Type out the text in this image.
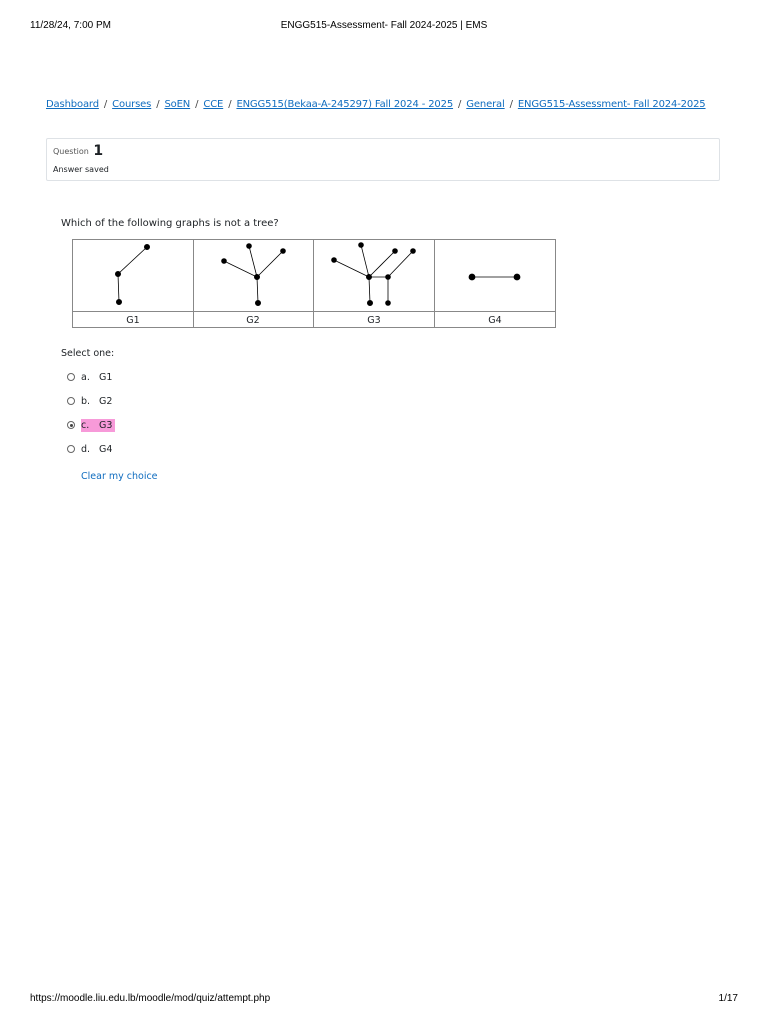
11/28/24, 7:00 PM	ENGG515-Assessment- Fall 2024-2025 | EMS
Dashboard / Courses / SoEN / CCE / ENGG515(Bekaa-A-245297) Fall 2024 - 2025 / General / ENGG515-Assessment- Fall 2024-2025
Question 1
Answer saved
Which of the following graphs is not a tree?
G1	G2	G3	G4
Select one:
a. G1
b. G2
c.	G3
d. G4
Clear my choice
https://moodle.liu.edu.lb/moodle/mod/quiz/attempt.php	1/17
